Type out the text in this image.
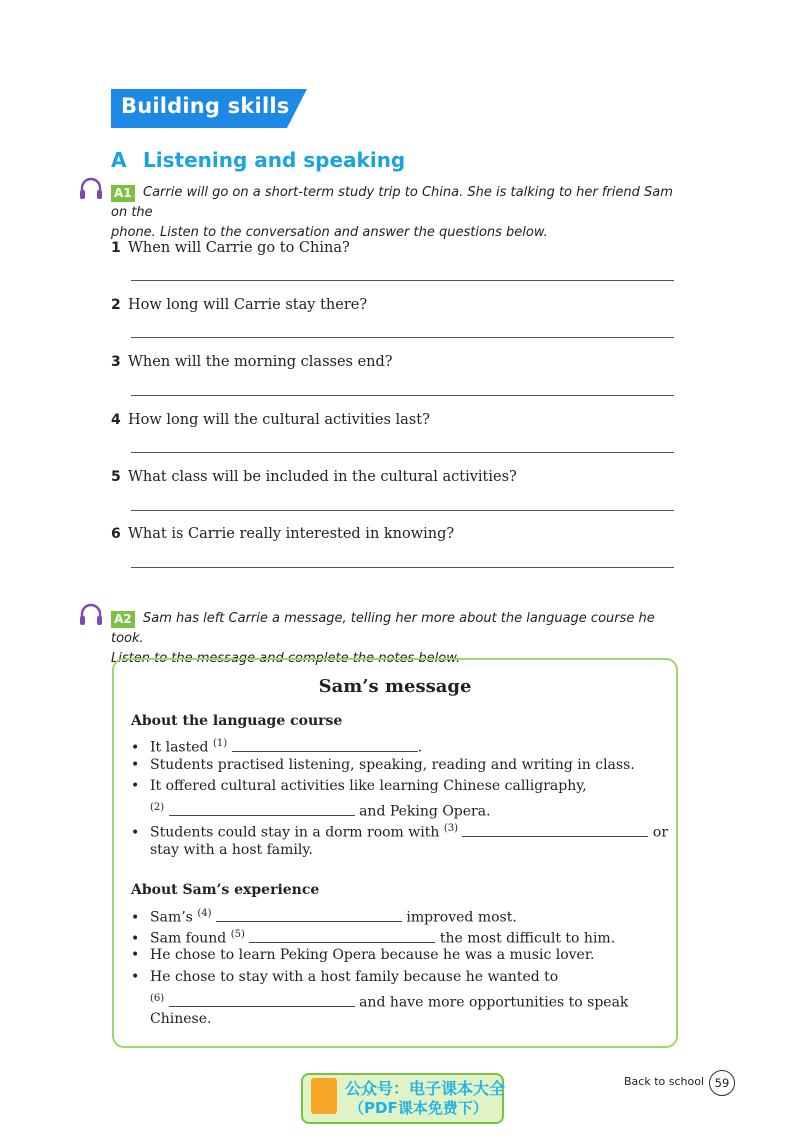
Building skills
A Listening and speaking
A1 Carrie will go on a short-term study trip to China. She is talking to her friend Sam on the
phone. Listen to the conversation and answer the questions below.
1 When will Carrie go to China?
2 How long will Carrie stay there?
3 When will the morning classes end?
4 How long will the cultural activities last?
5 What class will be included in the cultural activities?
6 What is Carrie really interested in knowing?
A2 Sam has left Carrie a message, telling her more about the language course he took.
Listen to the message and complete the notes below.
Sam’s message
About the language course
• It lasted $^{(1)}$	.
• Students practised listening, speaking, reading and writing in class.
• It offered cultural activities like learning Chinese calligraphy,
$^{(2)}$	and Peking Opera.
• Students could stay in a dorm room with $^{(3)}$	or
stay with a host family.
About Sam’s experience
• Sam’s $^{(4)}$	improved most.
• Sam found $^{(5)}$	the most difficult to him.
• He chose to learn Peking Opera because he was a music lover.
• He chose to stay with a host family because he wanted to
$^{(6)}$	and have more opportunities to speak
Chinese.
公众号：电子课本大全
（PDF课本免费下）
Back to school 59
